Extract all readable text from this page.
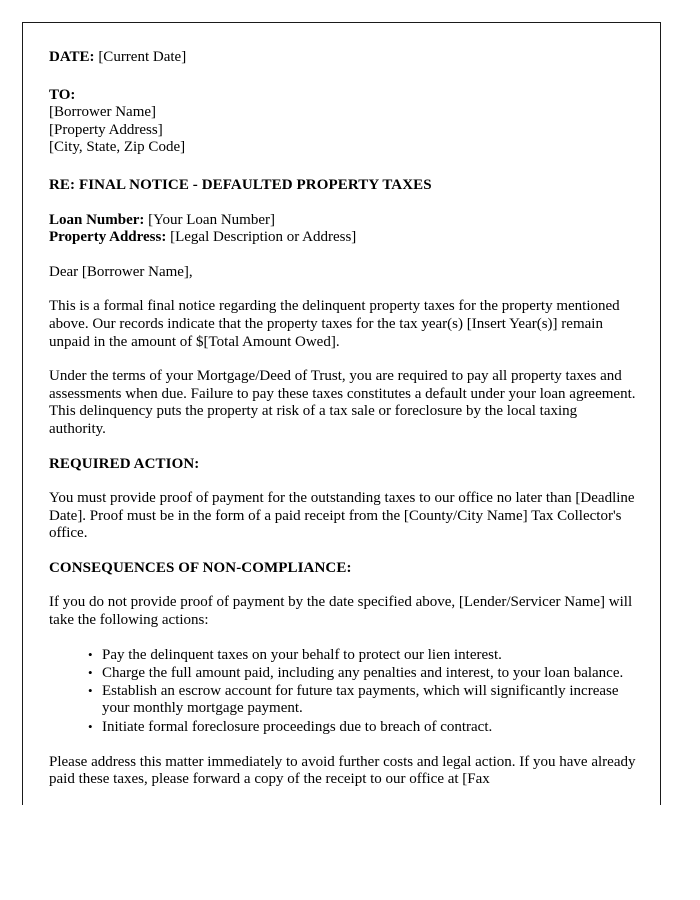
DATE: [Current Date]
TO:
[Borrower Name]
[Property Address]
[City, State, Zip Code]
RE: FINAL NOTICE - DEFAULTED PROPERTY TAXES
Loan Number: [Your Loan Number]
Property Address: [Legal Description or Address]
Dear [Borrower Name],
This is a formal final notice regarding the delinquent property taxes for the property mentioned above. Our records indicate that the property taxes for the tax year(s) [Insert Year(s)] remain unpaid in the amount of $[Total Amount Owed].
Under the terms of your Mortgage/Deed of Trust, you are required to pay all property taxes and assessments when due. Failure to pay these taxes constitutes a default under your loan agreement. This delinquency puts the property at risk of a tax sale or foreclosure by the local taxing authority.
REQUIRED ACTION:
You must provide proof of payment for the outstanding taxes to our office no later than [Deadline Date]. Proof must be in the form of a paid receipt from the [County/City Name] Tax Collector's office.
CONSEQUENCES OF NON-COMPLIANCE:
If you do not provide proof of payment by the date specified above, [Lender/Servicer Name] will take the following actions:
• Pay the delinquent taxes on your behalf to protect our lien interest.
• Charge the full amount paid, including any penalties and interest, to your loan balance.
• Establish an escrow account for future tax payments, which will significantly increase your monthly mortgage payment.
• Initiate formal foreclosure proceedings due to breach of contract.
Please address this matter immediately to avoid further costs and legal action. If you have already paid these taxes, please forward a copy of the receipt to our office at [Fax
